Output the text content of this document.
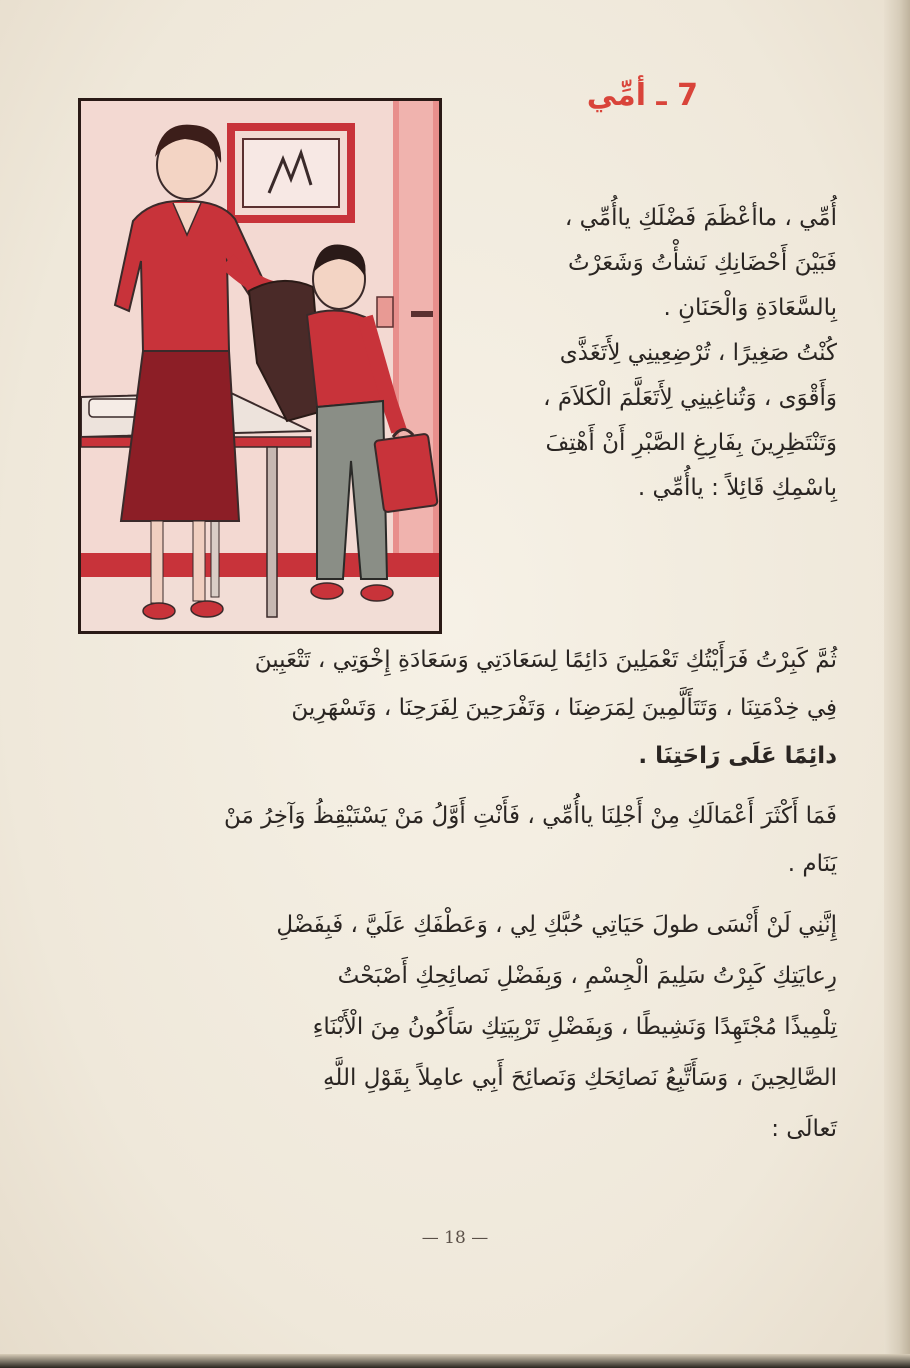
7 ـ أمِّي
أُمِّي ، ماأعْظَمَ فَضْلَكِ ياأُمِّي ،
فَبَيْنَ أَحْضَانِكِ نَشأْتُ وَشَعَرْتُ
بِالسَّعَادَةِ وَالْحَنَانِ .
كُنْتُ صَغِيرًا ، تُرْضِعِينِي لِأَتَغَذَّى
وَأَقْوَى ، وَتُناغِينِي لِأَتَعَلَّمَ الْكَلاَمَ ،
وَتَنْتَظِرِينَ بِفَارِغِ الصَّبْرِ أَنْ أَهْتِفَ
بِاسْمِكِ قَائِلاً : ياأُمِّي .
ثُمَّ كَبِرْتُ فَرَأَيْتُكِ تَعْمَلِينَ دَائِمًا لِسَعَادَتِي وَسَعَادَةِ إِخْوَتِي ، تَتْعَبِينَ
فِي خِدْمَتِنَا ، وَتَتَأَلَّمِينَ لِمَرَضِنَا ، وَتَفْرَحِينَ لِفَرَحِنَا ، وَتَسْهَرِينَ
دائِمًا عَلَى رَاحَتِنَا .
فَمَا أَكْثَرَ أَعْمَالَكِ مِنْ أَجْلِنَا ياأُمِّي ، فَأَنْتِ أَوَّلُ مَنْ يَسْتَيْقِظُ وَآخِرُ مَنْ
يَنَام .
إِنَّنِي لَنْ أَنْسَى طولَ حَيَاتِي حُبَّكِ لِي ، وَعَطْفَكِ عَلَيَّ ، فَبِفَضْلِ
رِعايَتِكِ كَبِرْتُ سَلِيمَ الْجِسْمِ ، وَبِفَضْلِ نَصائِحِكِ أَصْبَحْتُ
تِلْمِيذًا مُجْتَهِدًا وَنَشِيطًا ، وَبِفَضْلِ تَرْبِيَتِكِ سَأَكُونُ مِنَ الْأَبْنَاءِ
الصَّالِحِينَ ، وَسَأَتَّبِعُ نَصائِحَكِ وَنَصائِحَ أَبِي عامِلاً بِقَوْلِ اللَّهِ
تَعالَى :
— 18 —
